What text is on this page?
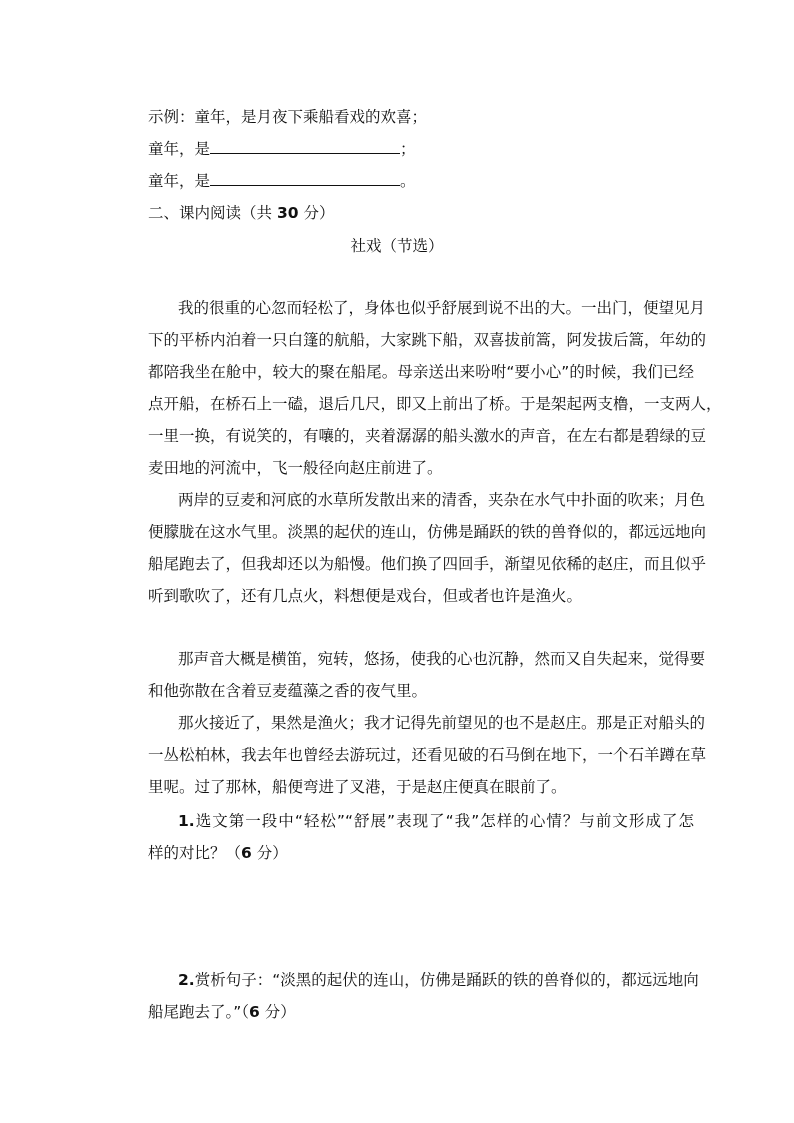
示例：童年，是月夜下乘船看戏的欢喜；
童年，是	；
童年，是	。
二、课内阅读（共 30 分）
社戏（节选）
我的很重的心忽而轻松了，身体也似乎舒展到说不出的大。一出门，便望见月
下的平桥内泊着一只白篷的航船，大家跳下船，双喜拔前篙，阿发拔后篙，年幼的
都陪我坐在舱中，较大的聚在船尾。母亲送出来吩咐“要小心”的时候，我们已经
点开船，在桥石上一磕，退后几尺，即又上前出了桥。于是架起两支橹，一支两人，
一里一换，有说笑的，有嚷的，夹着潺潺的船头激水的声音，在左右都是碧绿的豆
麦田地的河流中，飞一般径向赵庄前进了。
两岸的豆麦和河底的水草所发散出来的清香，夹杂在水气中扑面的吹来；月色
便朦胧在这水气里。淡黑的起伏的连山，仿佛是踊跃的铁的兽脊似的，都远远地向
船尾跑去了，但我却还以为船慢。他们换了四回手，渐望见依稀的赵庄，而且似乎
听到歌吹了，还有几点火，料想便是戏台，但或者也许是渔火。
那声音大概是横笛，宛转，悠扬，使我的心也沉静，然而又自失起来，觉得要
和他弥散在含着豆麦蕴藻之香的夜气里。
那火接近了，果然是渔火；我才记得先前望见的也不是赵庄。那是正对船头的
一丛松柏林，我去年也曾经去游玩过，还看见破的石马倒在地下，一个石羊蹲在草
里呢。过了那林，船便弯进了叉港，于是赵庄便真在眼前了。
1.选文第一段中“轻松”“舒展”表现了“我”怎样的心情？与前文形成了怎
样的对比？（6 分）
2.赏析句子：“淡黑的起伏的连山，仿佛是踊跃的铁的兽脊似的，都远远地向
船尾跑去了。”（6 分）
